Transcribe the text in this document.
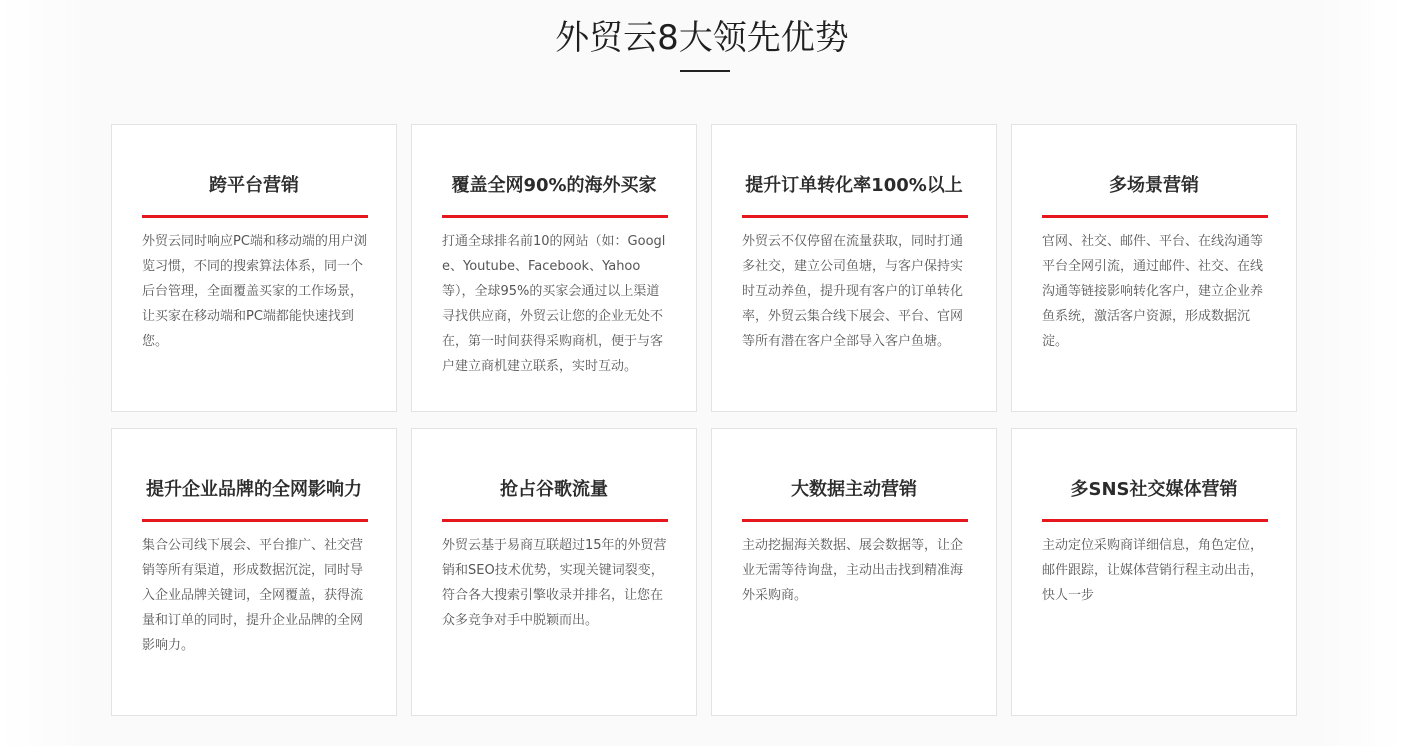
外贸云8大领先优势
跨平台营销

外贸云同时响应PC端和移动端的用户浏览习惯，不同的搜索算法体系，同一个后台管理，全面覆盖买家的工作场景，让买家在移动端和PC端都能快速找到您。

覆盖全网90%的海外买家

打通全球排名前10的网站（如：Google、Youtube、Facebook、Yahoo等），全球95%的买家会通过以上渠道寻找供应商，外贸云让您的企业无处不在，第一时间获得采购商机，便于与客户建立商机建立联系，实时互动。

提升订单转化率100%以上

外贸云不仅停留在流量获取，同时打通多社交，建立公司鱼塘，与客户保持实时互动养鱼，提升现有客户的订单转化率，外贸云集合线下展会、平台、官网等所有潜在客户全部导入客户鱼塘。

多场景营销

官网、社交、邮件、平台、在线沟通等平台全网引流，通过邮件、社交、在线沟通等链接影响转化客户，建立企业养鱼系统，激活客户资源，形成数据沉淀。

提升企业品牌的全网影响力

集合公司线下展会、平台推广、社交营销等所有渠道，形成数据沉淀，同时导入企业品牌关键词，全网覆盖，获得流量和订单的同时，提升企业品牌的全网影响力。

抢占谷歌流量

外贸云基于易商互联超过15年的外贸营销和SEO技术优势，实现关键词裂变，符合各大搜索引擎收录并排名，让您在众多竞争对手中脱颖而出。

大数据主动营销

主动挖掘海关数据、展会数据等，让企业无需等待询盘，主动出击找到精准海外采购商。

多SNS社交媒体营销

主动定位采购商详细信息，角色定位，邮件跟踪，让媒体营销行程主动出击，快人一步
